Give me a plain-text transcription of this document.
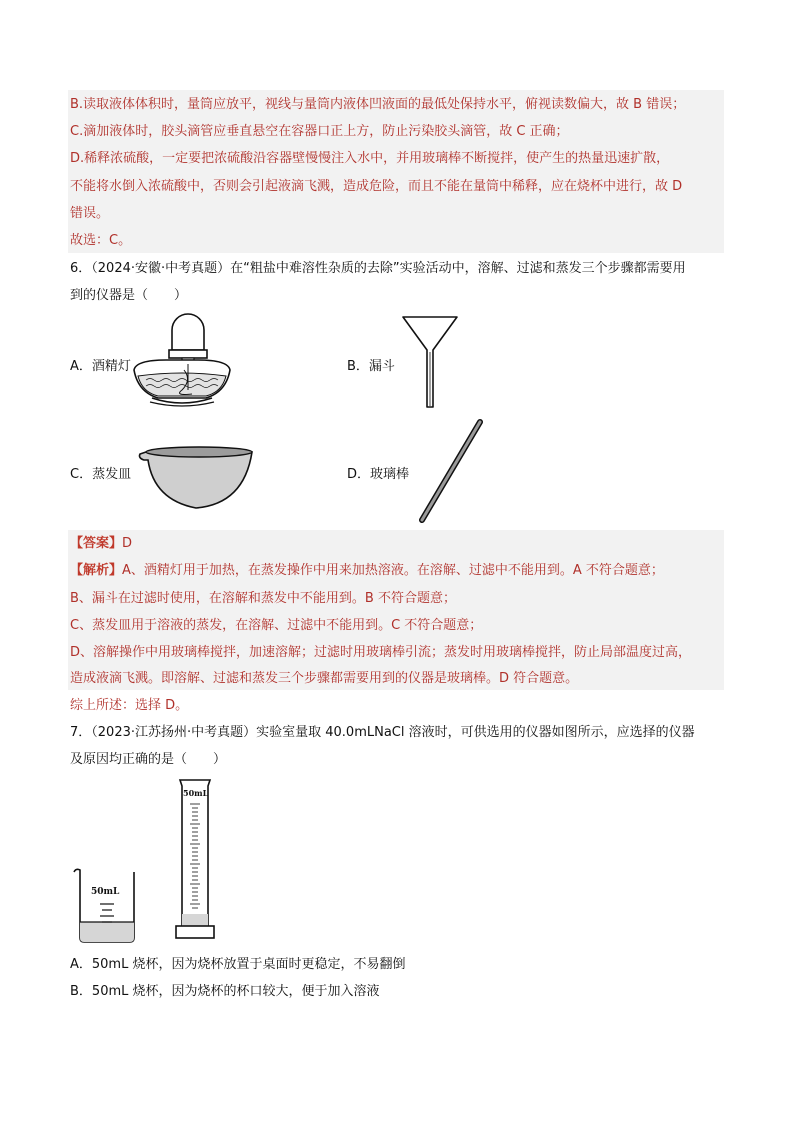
B.读取液体体积时，量筒应放平，视线与量筒内液体凹液面的最低处保持水平，俯视读数偏大，故 B 错误；
C.滴加液体时，胶头滴管应垂直悬空在容器口正上方，防止污染胶头滴管，故 C 正确；
D.稀释浓硫酸，一定要把浓硫酸沿容器壁慢慢注入水中，并用玻璃棒不断搅拌，使产生的热量迅速扩散，
不能将水倒入浓硫酸中，否则会引起液滴飞溅，造成危险，而且不能在量筒中稀释，应在烧杯中进行，故 D
错误。
故选：C。
6．（2024·安徽·中考真题）在“粗盐中难溶性杂质的去除”实验活动中，溶解、过滤和蒸发三个步骤都需要用
到的仪器是（　　）
A．酒精灯	B．漏斗
C．蒸发皿	D．玻璃棒
【答案】D
【解析】A、酒精灯用于加热，在蒸发操作中用来加热溶液。在溶解、过滤中不能用到。A 不符合题意；
B、漏斗在过滤时使用，在溶解和蒸发中不能用到。B 不符合题意；
C、蒸发皿用于溶液的蒸发，在溶解、过滤中不能用到。C 不符合题意；
D、溶解操作中用玻璃棒搅拌，加速溶解；过滤时用玻璃棒引流；蒸发时用玻璃棒搅拌，防止局部温度过高，
造成液滴飞溅。即溶解、过滤和蒸发三个步骤都需要用到的仪器是玻璃棒。D 符合题意。
综上所述：选择 D。
7．（2023·江苏扬州·中考真题）实验室量取 40.0mLNaCl 溶液时，可供选用的仪器如图所示，应选择的仪器
及原因均正确的是（　　）
50mL
50mL
A．50mL 烧杯，因为烧杯放置于桌面时更稳定，不易翻倒
B．50mL 烧杯，因为烧杯的杯口较大，便于加入溶液
